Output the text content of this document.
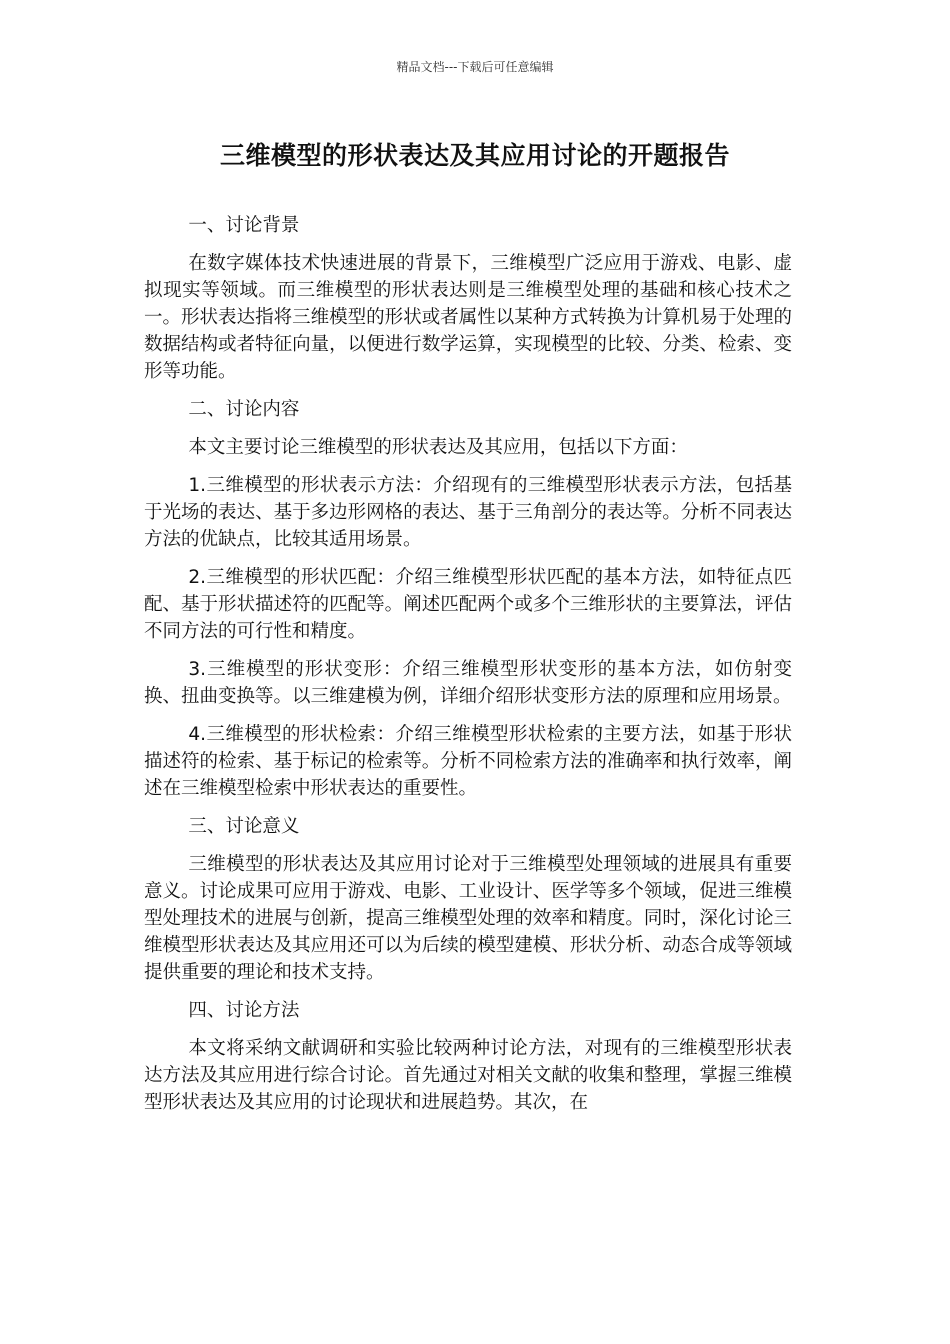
精品文档---下载后可任意编辑
三维模型的形状表达及其应用讨论的开题报告

一、讨论背景

在数字媒体技术快速进展的背景下，三维模型广泛应用于游戏、电影、虚拟现实等领域。而三维模型的形状表达则是三维模型处理的基础和核心技术之一。形状表达指将三维模型的形状或者属性以某种方式转换为计算机易于处理的数据结构或者特征向量，以便进行数学运算，实现模型的比较、分类、检索、变形等功能。

二、讨论内容

本文主要讨论三维模型的形状表达及其应用，包括以下方面：

1.三维模型的形状表示方法：介绍现有的三维模型形状表示方法，包括基于光场的表达、基于多边形网格的表达、基于三角剖分的表达等。分析不同表达方法的优缺点，比较其适用场景。

2.三维模型的形状匹配：介绍三维模型形状匹配的基本方法，如特征点匹配、基于形状描述符的匹配等。阐述匹配两个或多个三维形状的主要算法，评估不同方法的可行性和精度。

3.三维模型的形状变形：介绍三维模型形状变形的基本方法，如仿射变换、扭曲变换等。以三维建模为例，详细介绍形状变形方法的原理和应用场景。

4.三维模型的形状检索：介绍三维模型形状检索的主要方法，如基于形状描述符的检索、基于标记的检索等。分析不同检索方法的准确率和执行效率，阐述在三维模型检索中形状表达的重要性。

三、讨论意义

三维模型的形状表达及其应用讨论对于三维模型处理领域的进展具有重要意义。讨论成果可应用于游戏、电影、工业设计、医学等多个领域，促进三维模型处理技术的进展与创新，提高三维模型处理的效率和精度。同时，深化讨论三维模型形状表达及其应用还可以为后续的模型建模、形状分析、动态合成等领域提供重要的理论和技术支持。

四、讨论方法

本文将采纳文献调研和实验比较两种讨论方法，对现有的三维模型形状表达方法及其应用进行综合讨论。首先通过对相关文献的收集和整理，掌握三维模型形状表达及其应用的讨论现状和进展趋势。其次，在
